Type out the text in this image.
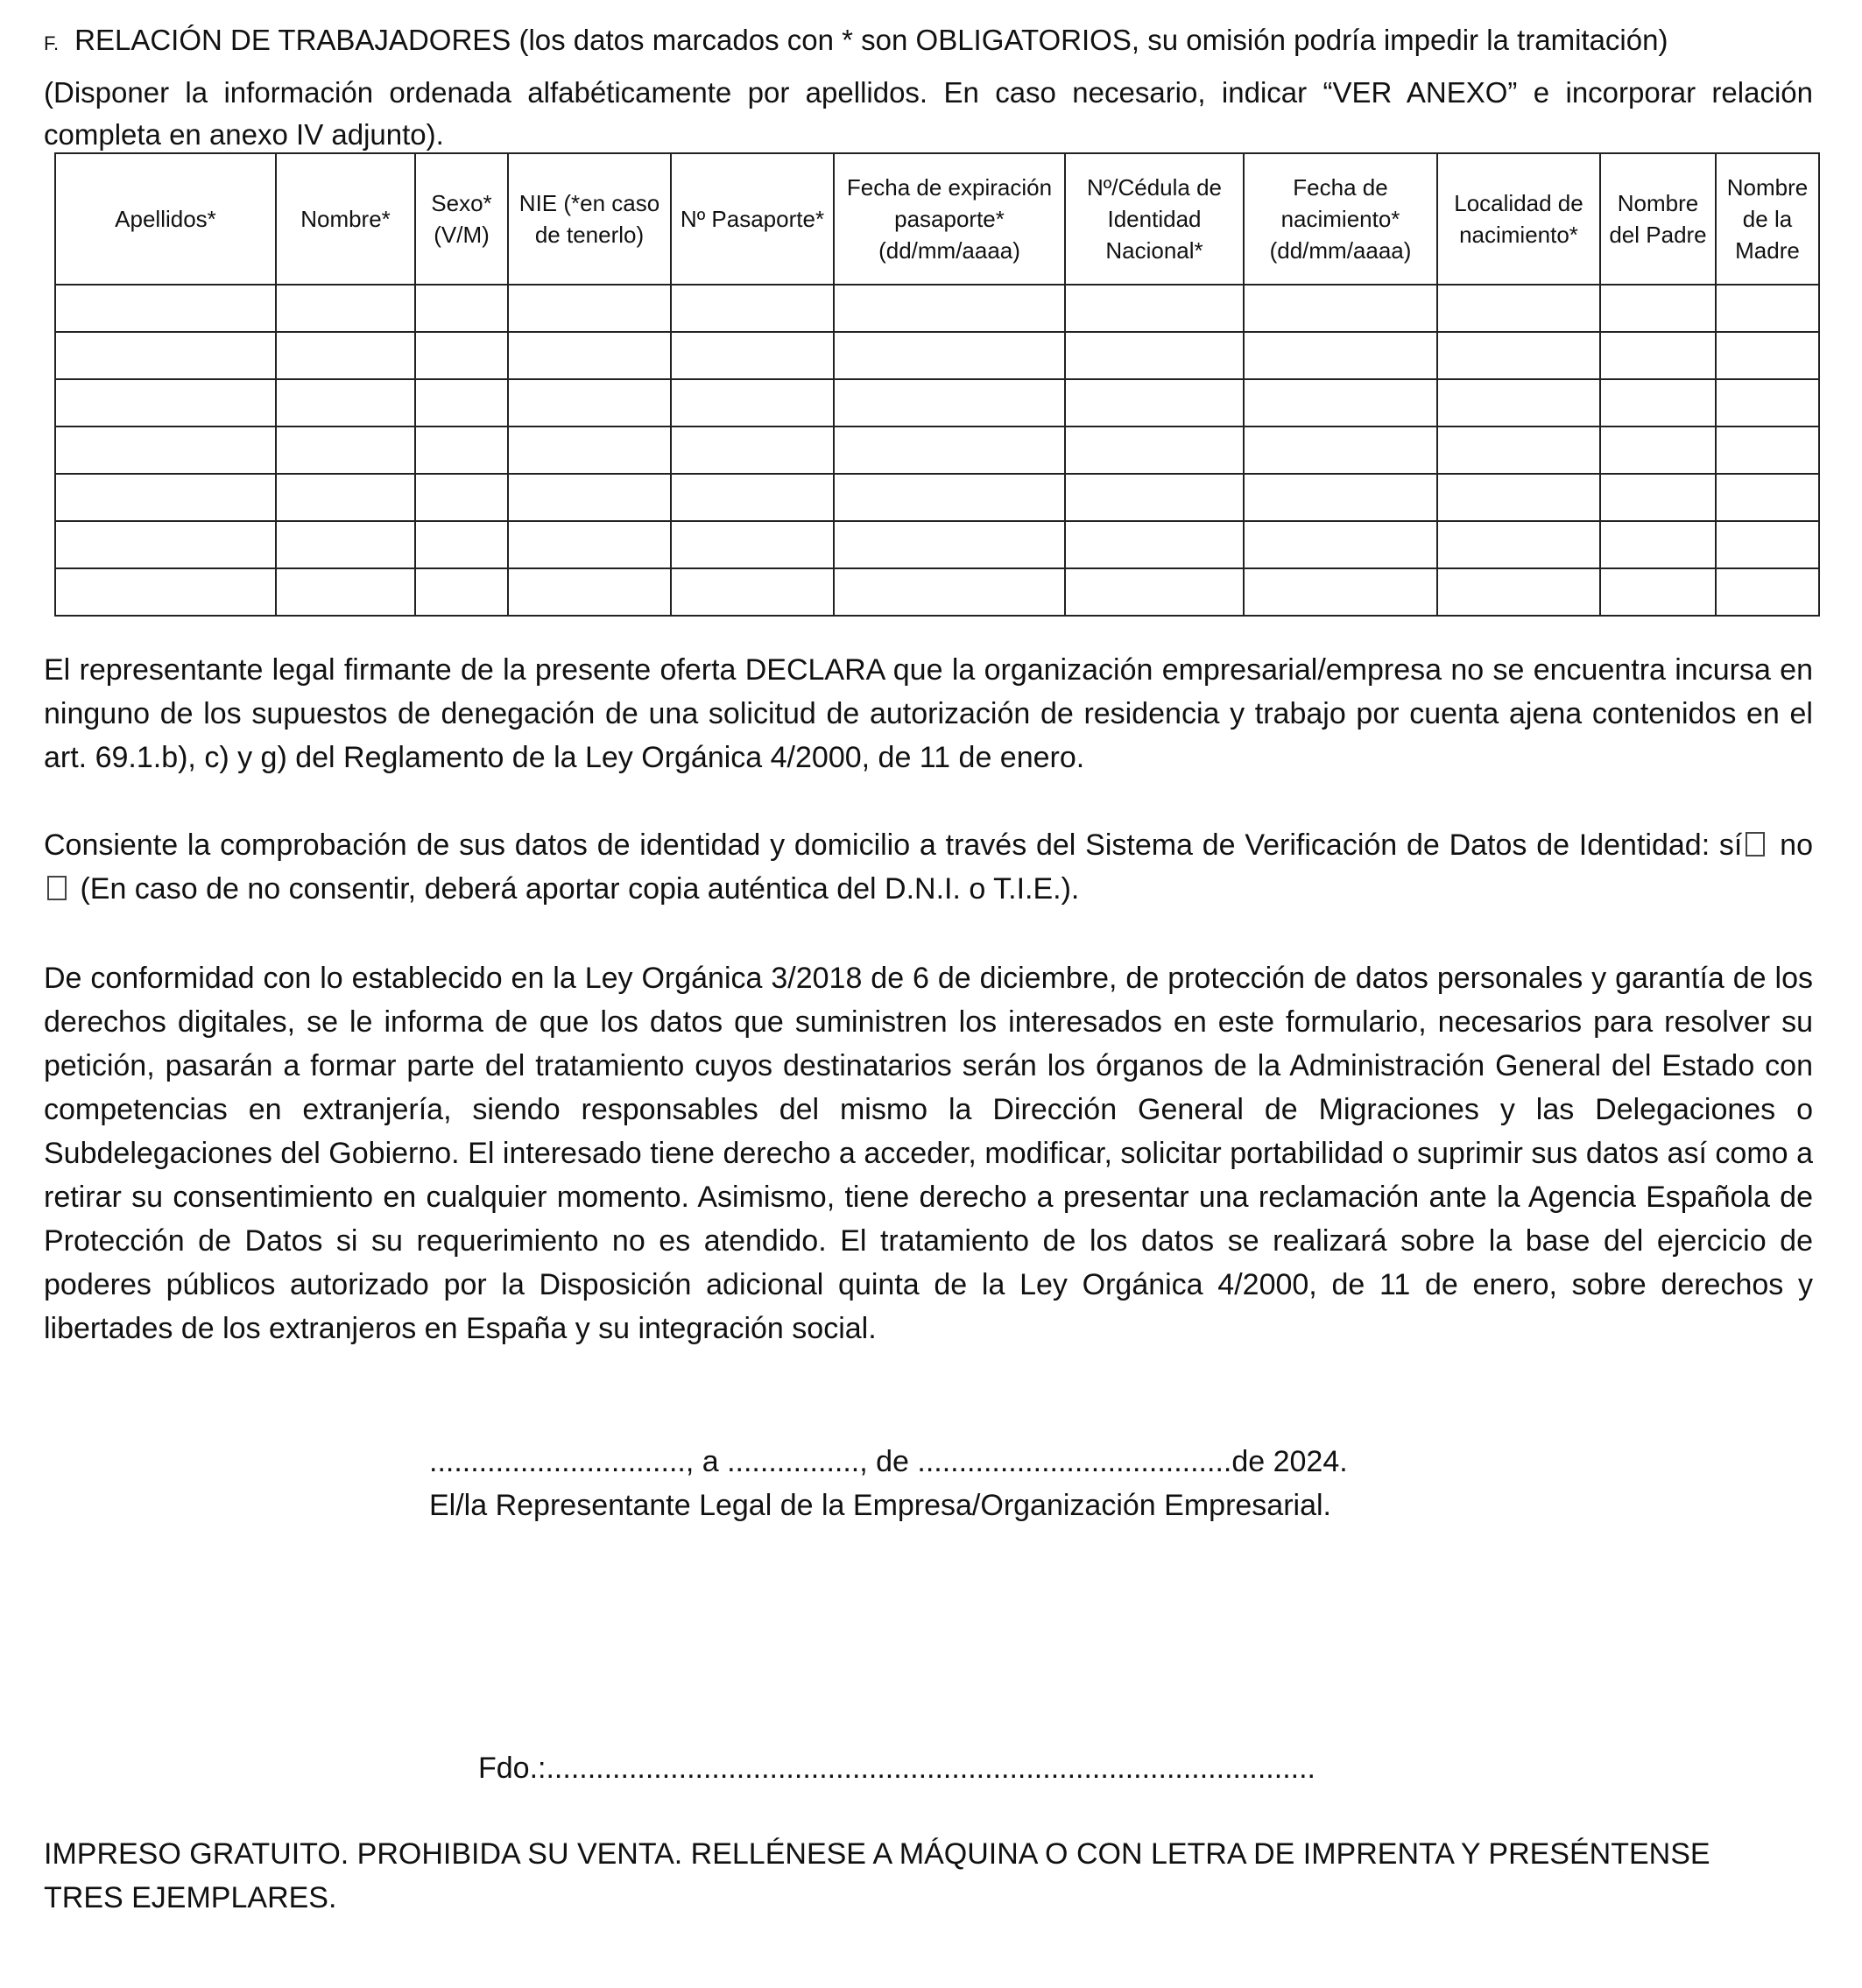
F. RELACIÓN DE TRABAJADORES (los datos marcados con * son OBLIGATORIOS, su omisión podría impedir la tramitación)
(Disponer la información ordenada alfabéticamente por apellidos. En caso necesario, indicar “VER ANEXO” e incorporar relación completa en anexo IV adjunto).
Apellidos*	Nombre*	Sexo* (V/M)	NIE (*en caso de tenerlo)	Nº Pasaporte*	Fecha de expiración pasaporte* (dd/mm/aaaa)	Nº/Cédula de Identidad Nacional*	Fecha de nacimiento* (dd/mm/aaaa)	Localidad de nacimiento*	Nombre del Padre	Nombre de la Madre

El representante legal firmante de la presente oferta DECLARA que la organización empresarial/empresa no se encuentra incursa en ninguno de los supuestos de denegación de una solicitud de autorización de residencia y trabajo por cuenta ajena contenidos en el art. 69.1.b), c) y g) del Reglamento de la Ley Orgánica 4/2000, de 11 de enero.
Consiente la comprobación de sus datos de identidad y domicilio a través del Sistema de Verificación de Datos de Identidad: sí no (En caso de no consentir, deberá aportar copia auténtica del D.N.I. o T.I.E.).
De conformidad con lo establecido en la Ley Orgánica 3/2018 de 6 de diciembre, de protección de datos personales y garantía de los derechos digitales, se le informa de que los datos que suministren los interesados en este formulario, necesarios para resolver su petición, pasarán a formar parte del tratamiento cuyos destinatarios serán los órganos de la Administración General del Estado con competencias en extranjería, siendo responsables del mismo la Dirección General de Migraciones y las Delegaciones o Subdelegaciones del Gobierno. El interesado tiene derecho a acceder, modificar, solicitar portabilidad o suprimir sus datos así como a retirar su consentimiento en cualquier momento. Asimismo, tiene derecho a presentar una reclamación ante la Agencia Española de Protección de Datos si su requerimiento no es atendido. El tratamiento de los datos se realizará sobre la base del ejercicio de poderes públicos autorizado por la Disposición adicional quinta de la Ley Orgánica 4/2000, de 11 de enero, sobre derechos y libertades de los extranjeros en España y su integración social.
..............................., a ................, de ......................................de 2024.
El/la Representante Legal de la Empresa/Organización Empresarial.
Fdo.:.............................................................................................
IMPRESO GRATUITO. PROHIBIDA SU VENTA. RELLÉNESE A MÁQUINA O CON LETRA DE IMPRENTA Y PRESÉNTENSE TRES EJEMPLARES.
